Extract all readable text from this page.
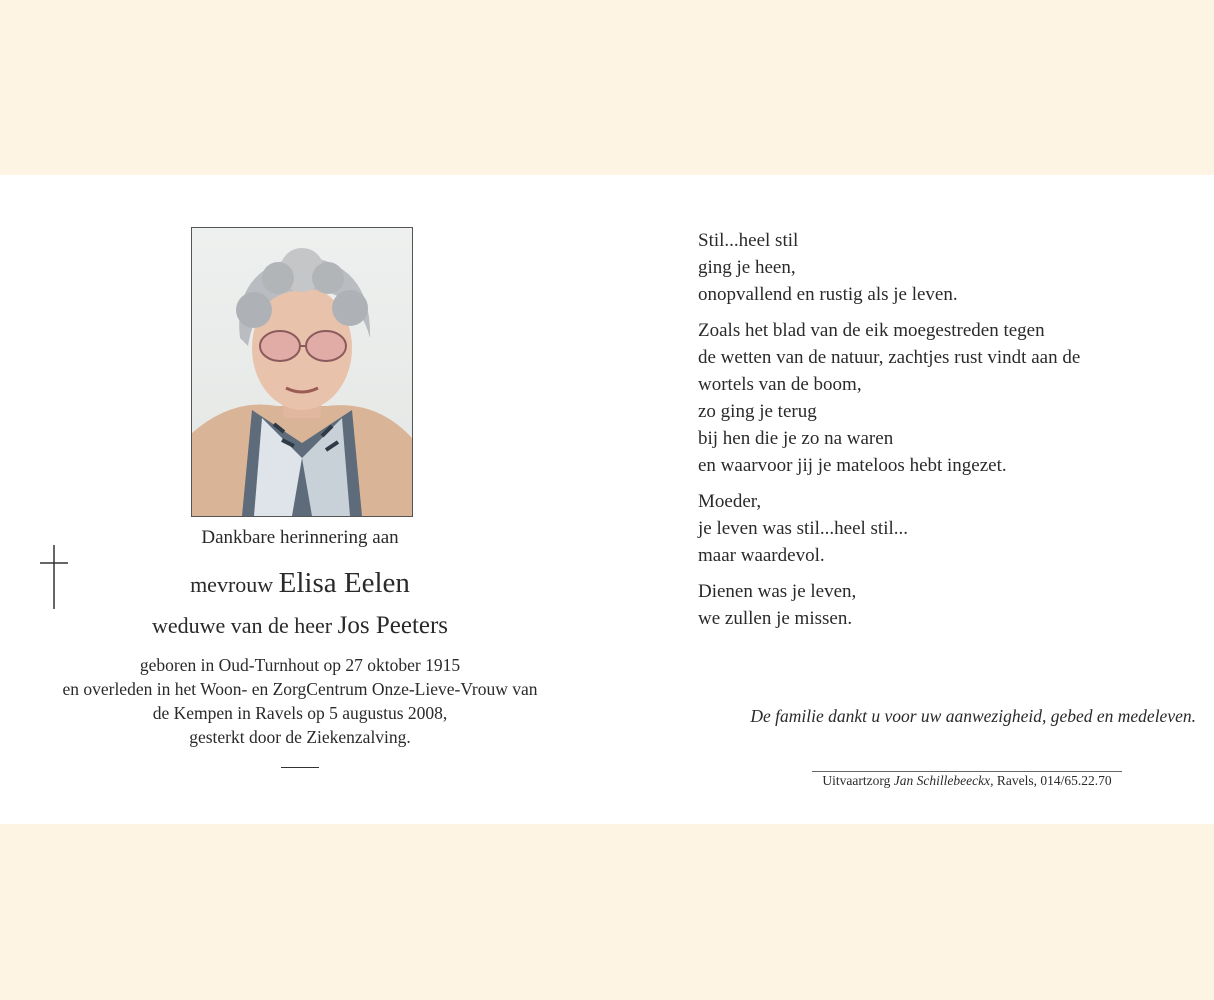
Dankbare herinnering aan
mevrouw Elisa Eelen
weduwe van de heer Jos Peeters
geboren in Oud-Turnhout op 27 oktober 1915
en overleden in het Woon- en ZorgCentrum Onze-Lieve-Vrouw van
de Kempen in Ravels op 5 augustus 2008,
gesterkt door de Ziekenzalving.
Stil...heel stil
ging je heen,
onopvallend en rustig als je leven.
Zoals het blad van de eik moegestreden tegen
de wetten van de natuur, zachtjes rust vindt aan de
wortels van de boom,
zo ging je terug
bij hen die je zo na waren
en waarvoor jij je mateloos hebt ingezet.
Moeder,
je leven was stil...heel stil...
maar waardevol.
Dienen was je leven,
we zullen je missen.
De familie dankt u voor uw aanwezigheid, gebed en medeleven.
Uitvaartzorg Jan Schillebeeckx, Ravels, 014/65.22.70
